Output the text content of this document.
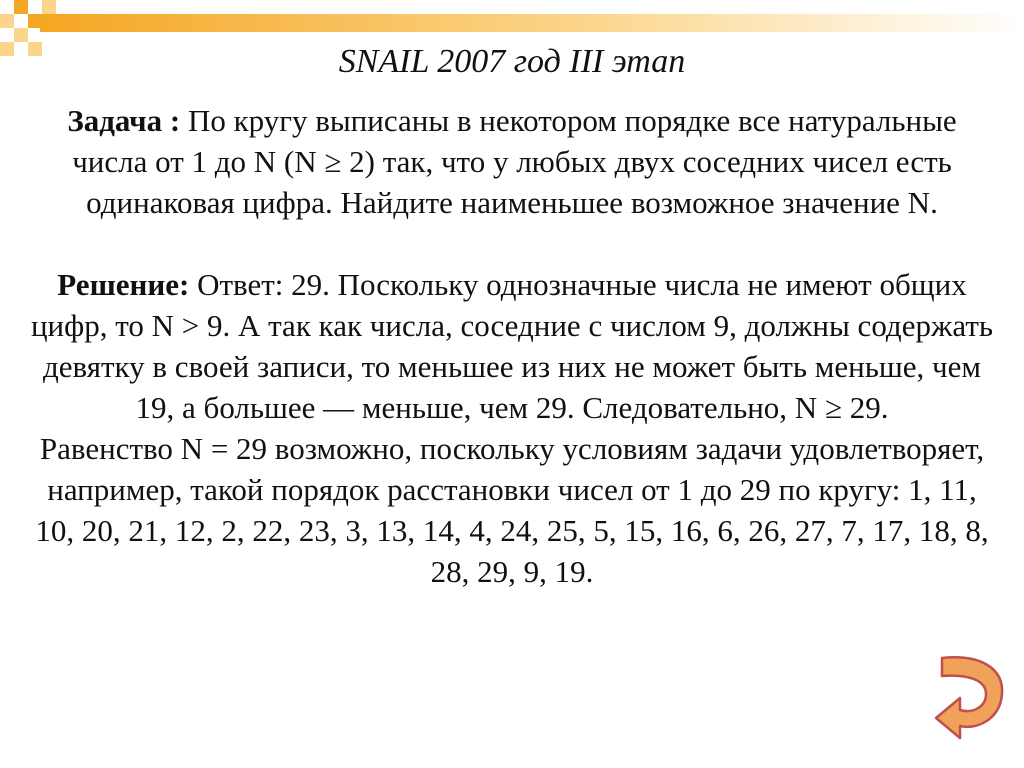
SNAIL 2007 год III этап

Задача : По кругу выписаны в некотором порядке все натуральные числа от 1 до N (N ≥ 2) так, что у любых двух соседних чисел есть одинаковая цифра. Найдите наименьшее возможное значение N.

Решение: Ответ: 29. Поскольку однозначные числа не имеют общих цифр, то N > 9. А так как числа, соседние с числом 9, должны содержать девятку в своей записи, то меньшее из них не может быть меньше, чем 19, а большее — меньше, чем 29. Следовательно, N ≥ 29.

Равенство N = 29 возможно, поскольку условиям задачи удовлетворяет, например, такой порядок расстановки чисел от 1 до 29 по кругу: 1, 11, 10, 20, 21, 12, 2, 22, 23, 3, 13, 14, 4, 24, 25, 5, 15, 16, 6, 26, 27, 7, 17, 18, 8, 28, 29, 9, 19.
